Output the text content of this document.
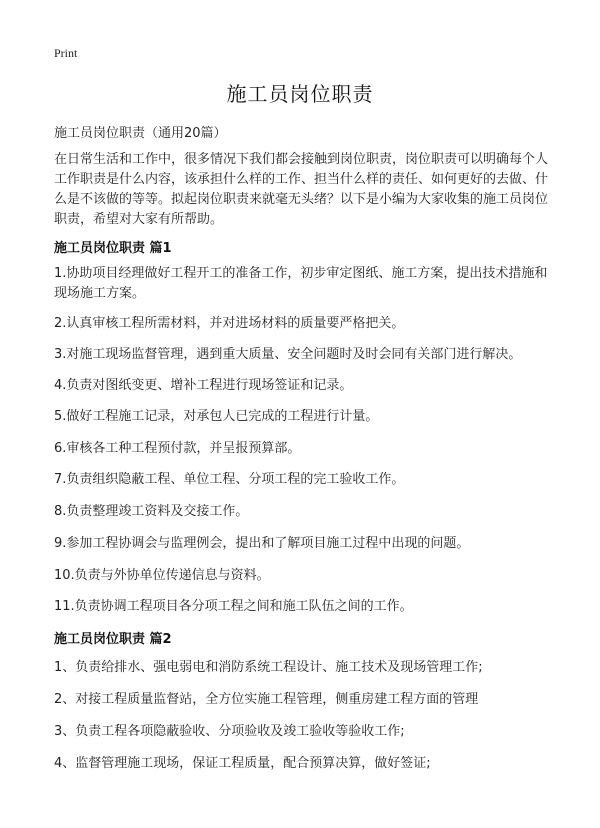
Print
施工员岗位职责
施工员岗位职责（通用20篇）

在日常生活和工作中，很多情况下我们都会接触到岗位职责，岗位职责可以明确每个人工作职责是什么内容，该承担什么样的工作、担当什么样的责任、如何更好的去做、什么是不该做的等等。拟起岗位职责来就毫无头绪？以下是小编为大家收集的施工员岗位职责，希望对大家有所帮助。

施工员岗位职责 篇1

1.协助项目经理做好工程开工的准备工作，初步审定图纸、施工方案，提出技术措施和现场施工方案。

2.认真审核工程所需材料，并对进场材料的质量要严格把关。

3.对施工现场监督管理，遇到重大质量、安全问题时及时会同有关部门进行解决。

4.负责对图纸变更、增补工程进行现场签证和记录。

5.做好工程施工记录，对承包人已完成的工程进行计量。

6.审核各工种工程预付款，并呈报预算部。

7.负责组织隐蔽工程、单位工程、分项工程的完工验收工作。

8.负责整理竣工资料及交接工作。

9.参加工程协调会与监理例会，提出和了解项目施工过程中出现的问题。

10.负责与外协单位传递信息与资料。

11.负责协调工程项目各分项工程之间和施工队伍之间的工作。

施工员岗位职责 篇2

1、负责给排水、强电弱电和消防系统工程设计、施工技术及现场管理工作;

2、对接工程质量监督站，全方位实施工程管理，侧重房建工程方面的管理

3、负责工程各项隐蔽验收、分项验收及竣工验收等验收工作;

4、监督管理施工现场，保证工程质量，配合预算决算，做好签证;
